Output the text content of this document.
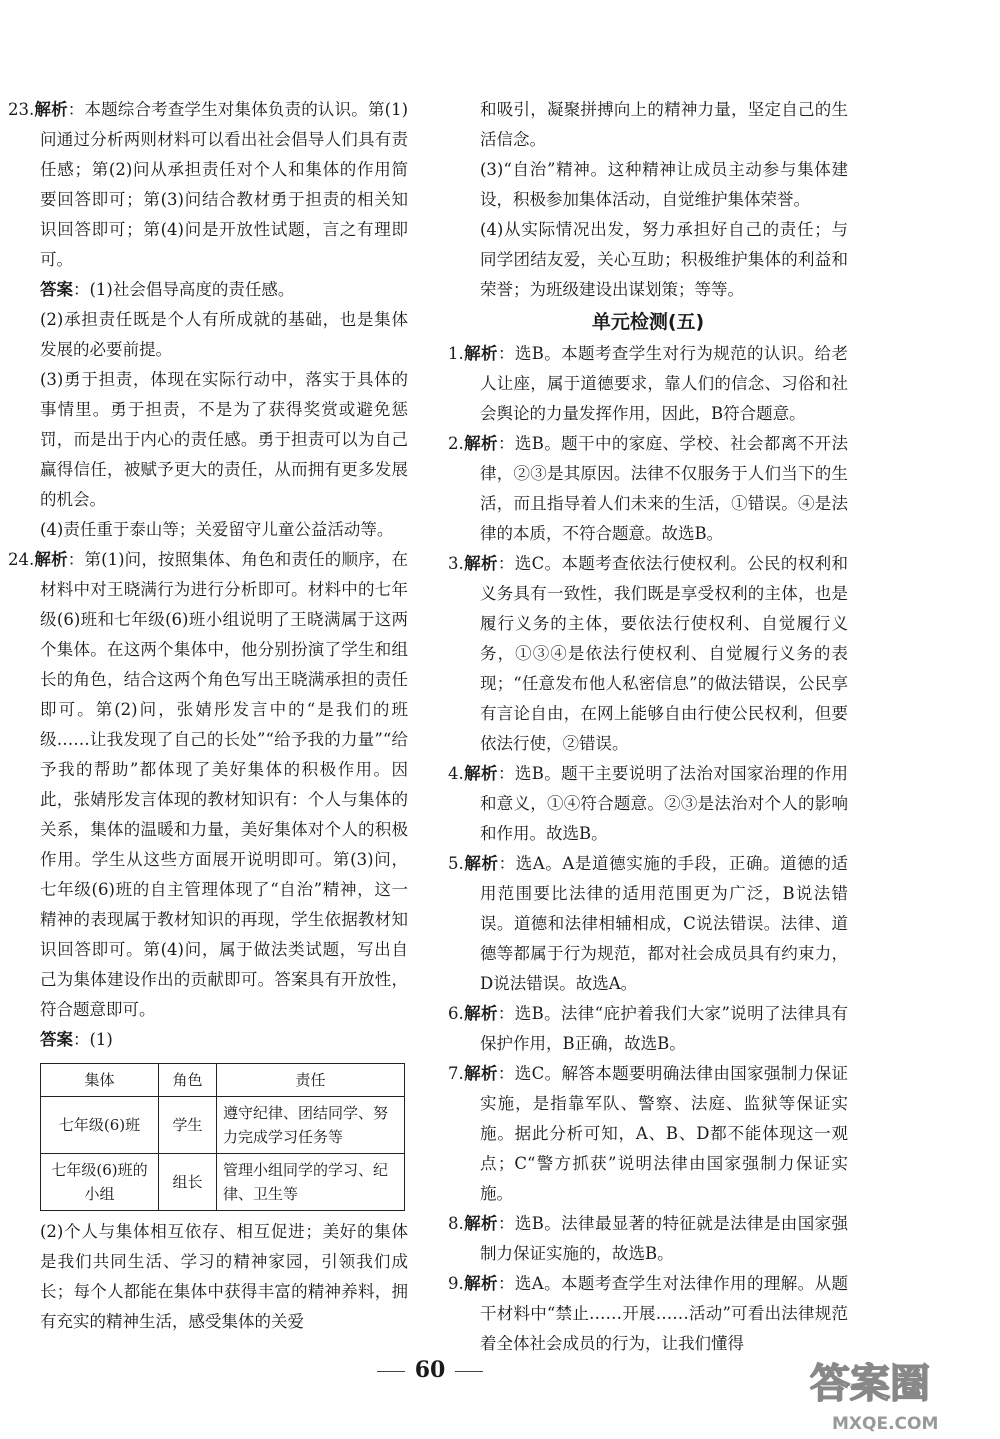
23.解析：本题综合考查学生对集体负责的认识。第(1)问通过分析两则材料可以看出社会倡导人们具有责任感；第(2)问从承担责任对个人和集体的作用简要回答即可；第(3)问结合教材勇于担责的相关知识回答即可；第(4)问是开放性试题，言之有理即可。

答案：(1)社会倡导高度的责任感。

(2)承担责任既是个人有所成就的基础，也是集体发展的必要前提。

(3)勇于担责，体现在实际行动中，落实于具体的事情里。勇于担责，不是为了获得奖赏或避免惩罚，而是出于内心的责任感。勇于担责可以为自己赢得信任，被赋予更大的责任，从而拥有更多发展的机会。

(4)责任重于泰山等；关爱留守儿童公益活动等。

24.解析：第(1)问，按照集体、角色和责任的顺序，在材料中对王晓满行为进行分析即可。材料中的七年级(6)班和七年级(6)班小组说明了王晓满属于这两个集体。在这两个集体中，他分别扮演了学生和组长的角色，结合这两个角色写出王晓满承担的责任即可。第(2)问，张婧彤发言中的“是我们的班级……让我发现了自己的长处”“给予我的力量”“给予我的帮助”都体现了美好集体的积极作用。因此，张婧彤发言体现的教材知识有：个人与集体的关系，集体的温暖和力量，美好集体对个人的积极作用。学生从这些方面展开说明即可。第(3)问，七年级(6)班的自主管理体现了“自治”精神，这一精神的表现属于教材知识的再现，学生依据教材知识回答即可。第(4)问，属于做法类试题，写出自己为集体建设作出的贡献即可。答案具有开放性，符合题意即可。

答案：(1)

集体	角色	责任
七年级(6)班	学生	遵守纪律、团结同学、努力完成学习任务等
七年级(6)班的小组	组长	管理小组同学的学习、纪律、卫生等

(2)个人与集体相互依存、相互促进；美好的集体是我们共同生活、学习的精神家园，引领我们成长；每个人都能在集体中获得丰富的精神养料，拥有充实的精神生活，感受集体的关爱

和吸引，凝聚拼搏向上的精神力量，坚定自己的生活信念。

(3)“自治”精神。这种精神让成员主动参与集体建设，积极参加集体活动，自觉维护集体荣誉。

(4)从实际情况出发，努力承担好自己的责任；与同学团结友爱，关心互助；积极维护集体的利益和荣誉；为班级建设出谋划策；等等。

单元检测(五)

1.解析：选B。本题考查学生对行为规范的认识。给老人让座，属于道德要求，靠人们的信念、习俗和社会舆论的力量发挥作用，因此，B符合题意。

2.解析：选B。题干中的家庭、学校、社会都离不开法律，②③是其原因。法律不仅服务于人们当下的生活，而且指导着人们未来的生活，①错误。④是法律的本质，不符合题意。故选B。

3.解析：选C。本题考查依法行使权利。公民的权利和义务具有一致性，我们既是享受权利的主体，也是履行义务的主体，要依法行使权利、自觉履行义务，①③④是依法行使权利、自觉履行义务的表现；“任意发布他人私密信息”的做法错误，公民享有言论自由，在网上能够自由行使公民权利，但要依法行使，②错误。

4.解析：选B。题干主要说明了法治对国家治理的作用和意义，①④符合题意。②③是法治对个人的影响和作用。故选B。

5.解析：选A。A是道德实施的手段，正确。道德的适用范围要比法律的适用范围更为广泛，B说法错误。道德和法律相辅相成，C说法错误。法律、道德等都属于行为规范，都对社会成员具有约束力，D说法错误。故选A。

6.解析：选B。法律“庇护着我们大家”说明了法律具有保护作用，B正确，故选B。

7.解析：选C。解答本题要明确法律由国家强制力保证实施，是指靠军队、警察、法庭、监狱等保证实施。据此分析可知，A、B、D都不能体现这一观点；C“警方抓获”说明法律由国家强制力保证实施。

8.解析：选B。法律最显著的特征就是法律是由国家强制力保证实施的，故选B。

9.解析：选A。本题考查学生对法律作用的理解。从题干材料中“禁止……开展……活动”可看出法律规范着全体社会成员的行为，让我们懂得

60	答案圈
MXQE.COM
